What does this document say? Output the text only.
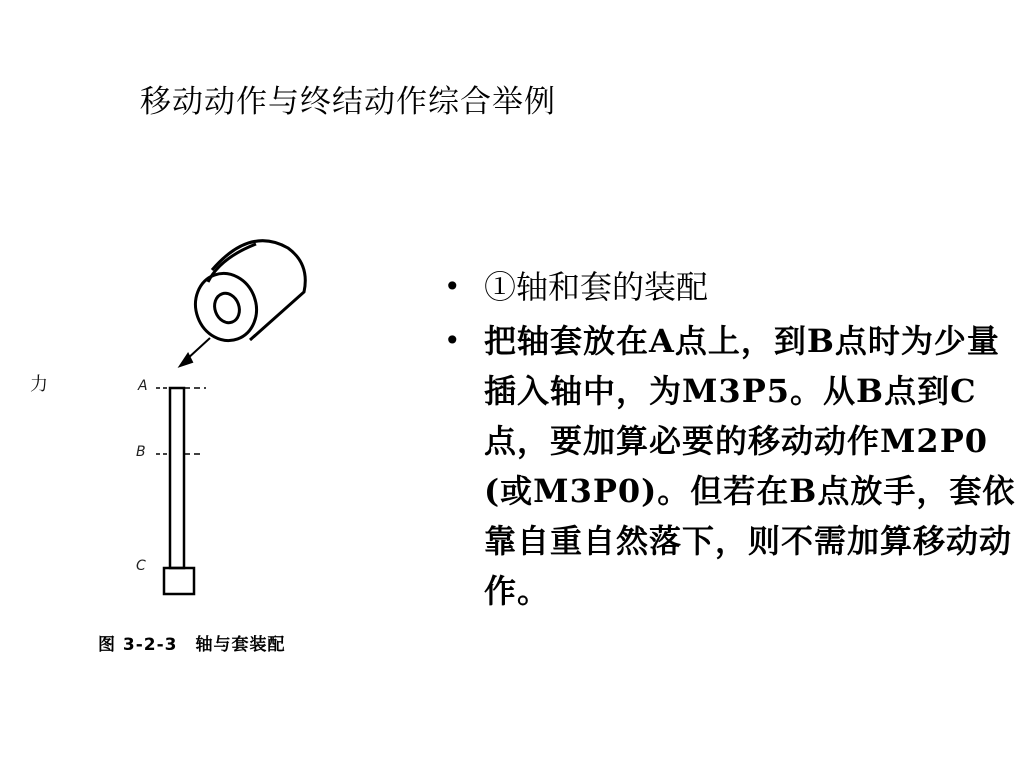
移动动作与终结动作综合举例
力	A
B
C
图 3-2-3　轴与套装配
• ①轴和套的装配
• 把轴套放在A点上，到B点时为少量插入轴中，为M3P5。从B点到C点，要加算必要的移动动作M2P0(或M3P0)。但若在B点放手，套依靠自重自然落下，则不需加算移动动作。
